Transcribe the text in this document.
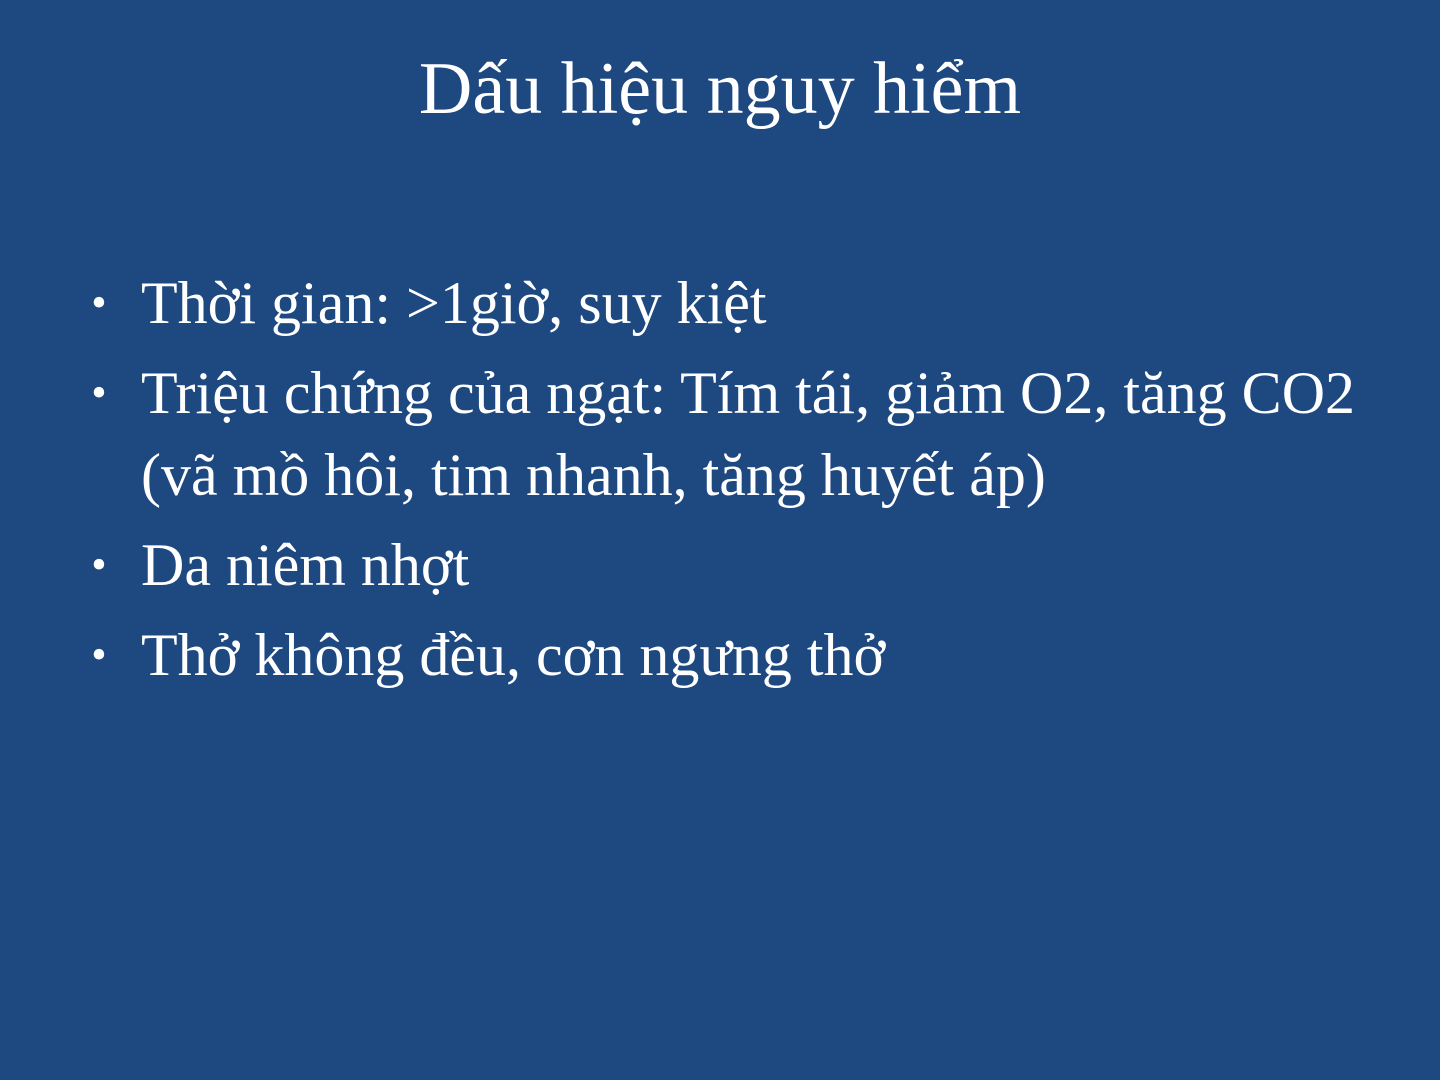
Dấu hiệu nguy hiểm
• Thời gian: >1giờ, suy kiệt
• Triệu chứng của ngạt: Tím tái, giảm O2, tăng CO2 (vã mồ hôi, tim nhanh, tăng huyết áp)
• Da niêm nhợt
• Thở không đều, cơn ngưng thở
